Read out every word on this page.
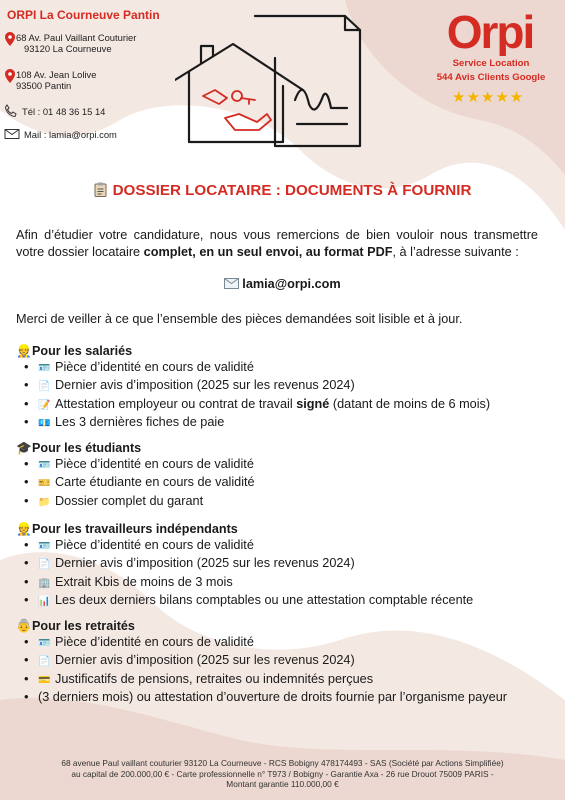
ORPI La Courneuve Pantin
68 Av. Paul Vaillant Couturier
93120 La Courneuve
108 Av. Jean Lolive
93500 Pantin
Tél : 01 48 36 15 14
Mail : lamia@orpi.com
Orpi
Service Location
544 Avis Clients Google
★★★★★
DOSSIER LOCATAIRE : DOCUMENTS À FOURNIR
Afin d’étudier votre candidature, nous vous remercions de bien vouloir nous transmettre votre dossier locataire complet, en un seul envoi, au format PDF, à l’adresse suivante :
lamia@orpi.com
Merci de veiller à ce que l’ensemble des pièces demandées soit lisible et à jour.
👷Pour les salariés
• 🪪 Pièce d’identité en cours de validité
• 📄 Dernier avis d’imposition (2025 sur les revenus 2024)
• 📝 Attestation employeur ou contrat de travail signé (datant de moins de 6 mois)
• 💶 Les 3 dernières fiches de paie
🎓Pour les étudiants
• 🪪 Pièce d’identité en cours de validité
• 🎫 Carte étudiante en cours de validité
• 📁 Dossier complet du garant
👷Pour les travailleurs indépendants
• 🪪 Pièce d’identité en cours de validité
• 📄 Dernier avis d’imposition (2025 sur les revenus 2024)
• 🏢 Extrait Kbis de moins de 3 mois
• 📊 Les deux derniers bilans comptables ou une attestation comptable récente
👵Pour les retraités
• 🪪 Pièce d’identité en cours de validité
• 📄 Dernier avis d’imposition (2025 sur les revenus 2024)
• 💳 Justificatifs de pensions, retraites ou indemnités perçues
• (3 derniers mois) ou attestation d’ouverture de droits fournie par l’organisme payeur
68 avenue Paul vaillant couturier 93120 La Courneuve - RCS Bobigny 478174493 - SAS (Société par Actions Simplifiée)
au capital de 200.000,00 € - Carte professionnelle n° T973 / Bobigny - Garantie Axa - 26 rue Drouot 75009 PARIS -
Montant garantie 110.000,00 €
